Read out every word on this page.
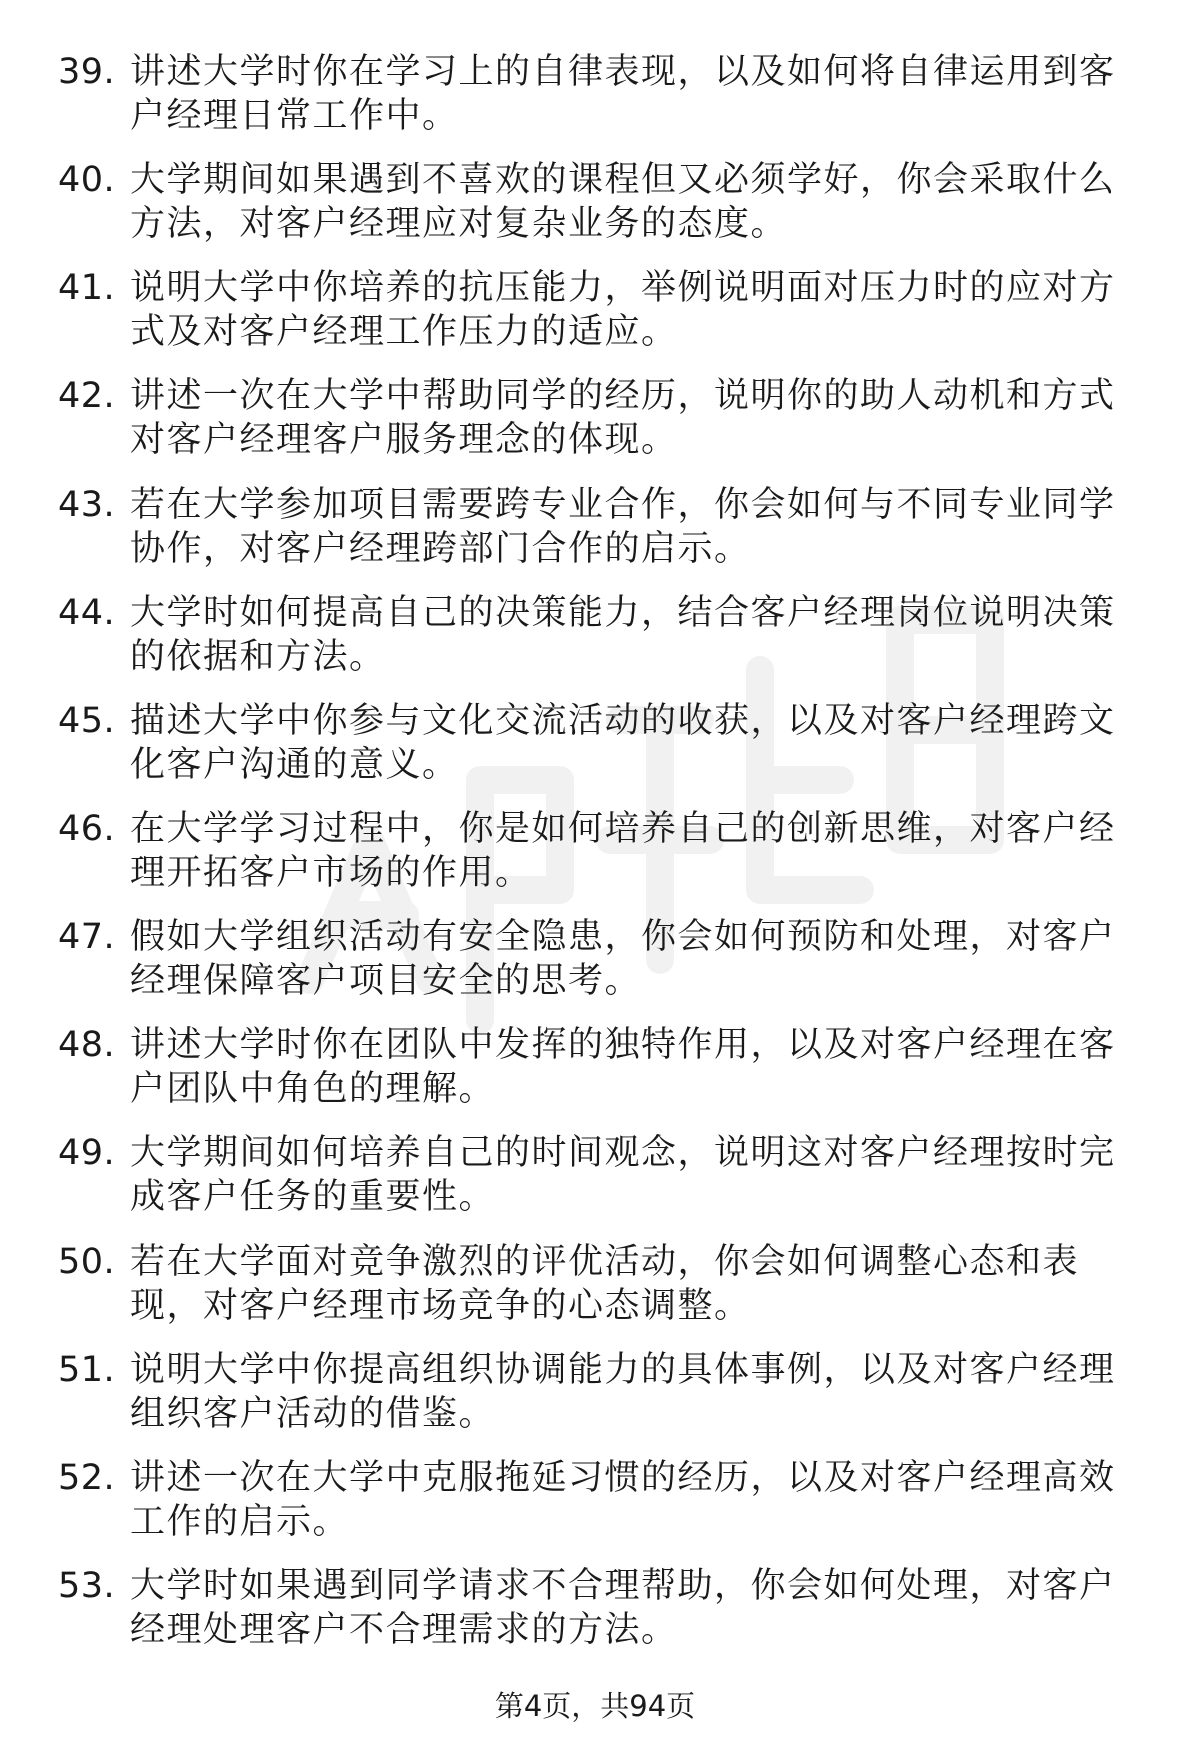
39. 讲述大学时你在学习上的自律表现，以及如何将自律运用到客户经理日常工作中。
40. 大学期间如果遇到不喜欢的课程但又必须学好，你会采取什么方法，对客户经理应对复杂业务的态度。
41. 说明大学中你培养的抗压能力，举例说明面对压力时的应对方式及对客户经理工作压力的适应。
42. 讲述一次在大学中帮助同学的经历，说明你的助人动机和方式对客户经理客户服务理念的体现。
43. 若在大学参加项目需要跨专业合作，你会如何与不同专业同学协作，对客户经理跨部门合作的启示。
44. 大学时如何提高自己的决策能力，结合客户经理岗位说明决策的依据和方法。
45. 描述大学中你参与文化交流活动的收获，以及对客户经理跨文化客户沟通的意义。
46. 在大学学习过程中，你是如何培养自己的创新思维，对客户经理开拓客户市场的作用。
47. 假如大学组织活动有安全隐患，你会如何预防和处理，对客户经理保障客户项目安全的思考。
48. 讲述大学时你在团队中发挥的独特作用，以及对客户经理在客户团队中角色的理解。
49. 大学期间如何培养自己的时间观念，说明这对客户经理按时完成客户任务的重要性。
50. 若在大学面对竞争激烈的评优活动，你会如何调整心态和表现，对客户经理市场竞争的心态调整。
51. 说明大学中你提高组织协调能力的具体事例，以及对客户经理组织客户活动的借鉴。
52. 讲述一次在大学中克服拖延习惯的经历，以及对客户经理高效工作的启示。
53. 大学时如果遇到同学请求不合理帮助，你会如何处理，对客户经理处理客户不合理需求的方法。
第4页，共94页
